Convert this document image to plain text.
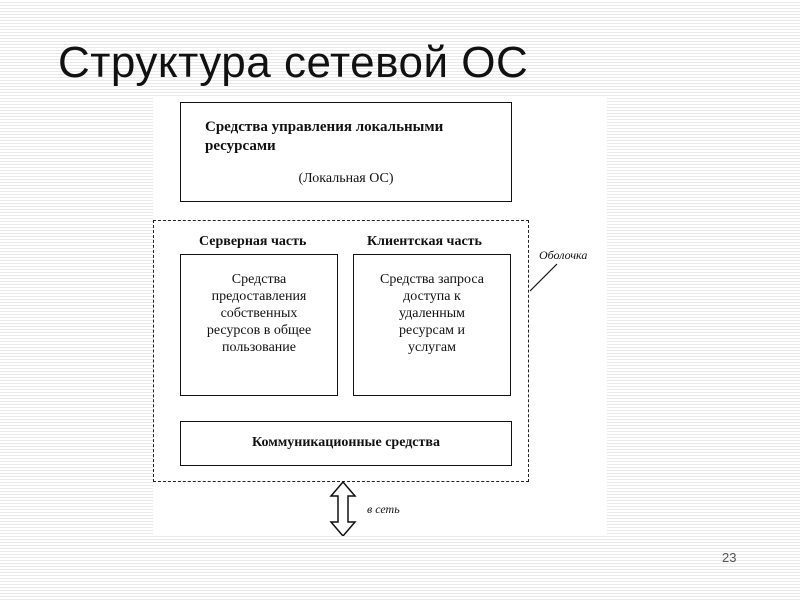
Структура сетевой ОС
Средства управления локальными
ресурсами
(Локальная ОС)
Серверная часть	Клиентская часть
Средства
предоставления
собственных
ресурсов в общее
пользование
Средства запроса
доступа к
удаленным
ресурсам и
услугам
Коммуникационные средства
Оболочка
в сеть
23
